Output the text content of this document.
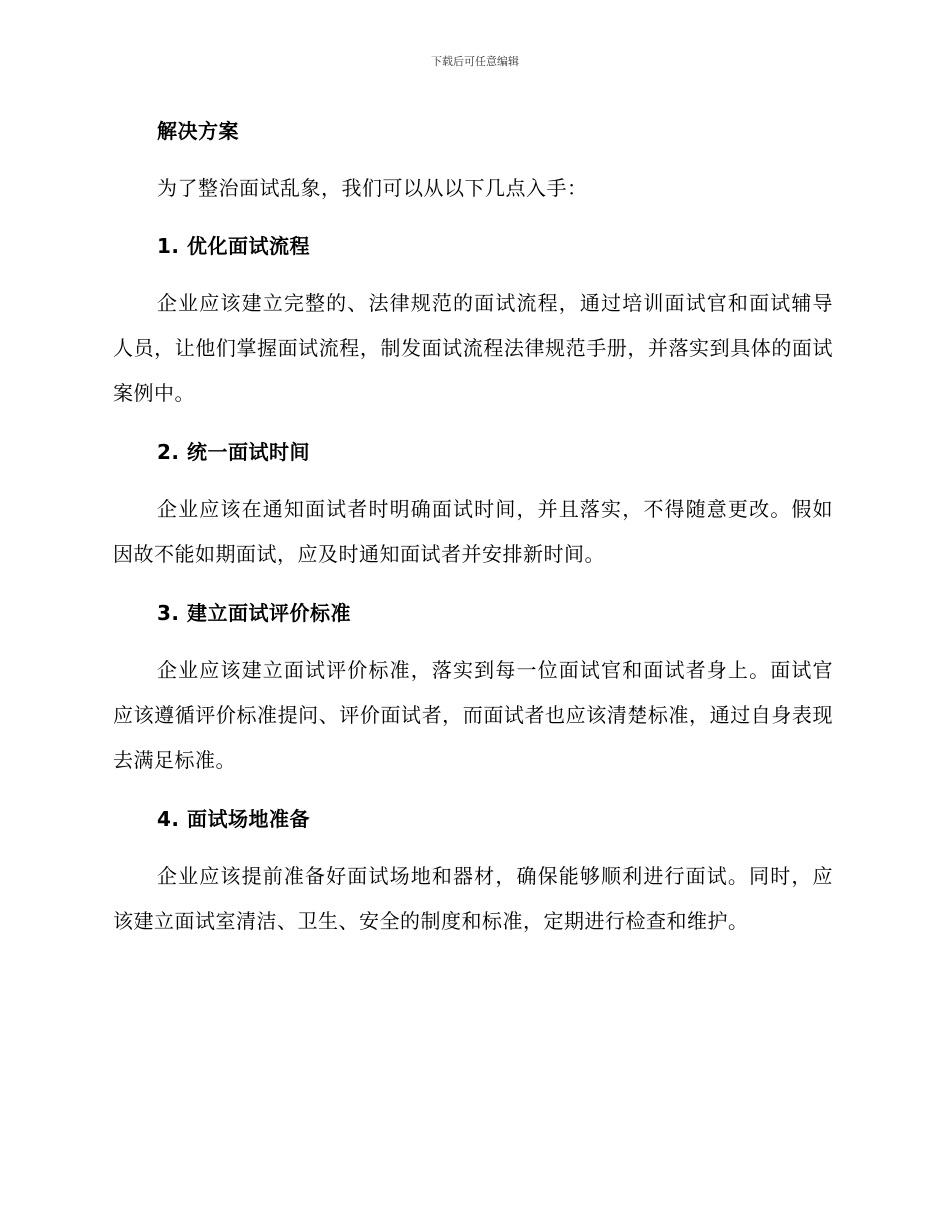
下载后可任意编辑
解决方案

为了整治面试乱象，我们可以从以下几点入手：

1. 优化面试流程

企业应该建立完整的、法律规范的面试流程，通过培训面试官和面试辅导人员，让他们掌握面试流程，制发面试流程法律规范手册，并落实到具体的面试案例中。

2. 统一面试时间

企业应该在通知面试者时明确面试时间，并且落实，不得随意更改。假如因故不能如期面试，应及时通知面试者并安排新时间。

3. 建立面试评价标准

企业应该建立面试评价标准，落实到每一位面试官和面试者身上。面试官应该遵循评价标准提问、评价面试者，而面试者也应该清楚标准，通过自身表现去满足标准。

4. 面试场地准备

企业应该提前准备好面试场地和器材，确保能够顺利进行面试。同时，应该建立面试室清洁、卫生、安全的制度和标准，定期进行检查和维护。
